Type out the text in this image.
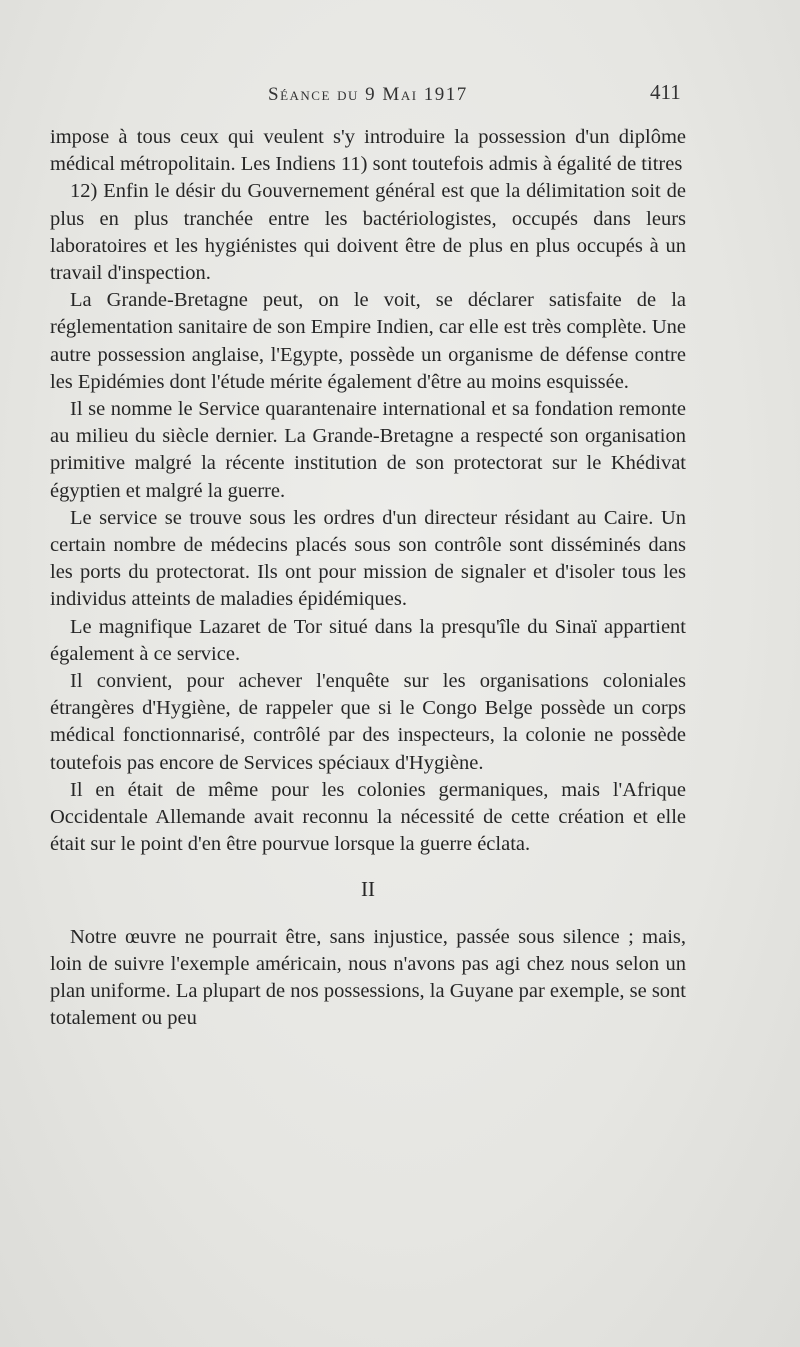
Séance du 9 Mai 1917	411

impose à tous ceux qui veulent s'y introduire la possession d'un diplôme médical métropolitain. Les Indiens 11) sont toutefois admis à égalité de titres

12) Enfin le désir du Gouvernement général est que la délimitation soit de plus en plus tranchée entre les bactériologistes, occupés dans leurs laboratoires et les hygiénistes qui doivent être de plus en plus occupés à un travail d'inspection.

La Grande-Bretagne peut, on le voit, se déclarer satisfaite de la réglementation sanitaire de son Empire Indien, car elle est très complète. Une autre possession anglaise, l'Egypte, possède un organisme de défense contre les Epidémies dont l'étude mérite également d'être au moins esquissée.

Il se nomme le Service quarantenaire international et sa fondation remonte au milieu du siècle dernier. La Grande-Bretagne a respecté son organisation primitive malgré la récente institution de son protectorat sur le Khédivat égyptien et malgré la guerre.

Le service se trouve sous les ordres d'un directeur résidant au Caire. Un certain nombre de médecins placés sous son contrôle sont disséminés dans les ports du protectorat. Ils ont pour mission de signaler et d'isoler tous les individus atteints de maladies épidémiques.

Le magnifique Lazaret de Tor situé dans la presqu'île du Sinaï appartient également à ce service.

Il convient, pour achever l'enquête sur les organisations coloniales étrangères d'Hygiène, de rappeler que si le Congo Belge possède un corps médical fonctionnarisé, contrôlé par des inspecteurs, la colonie ne possède toutefois pas encore de Services spéciaux d'Hygiène.

Il en était de même pour les colonies germaniques, mais l'Afrique Occidentale Allemande avait reconnu la nécessité de cette création et elle était sur le point d'en être pourvue lorsque la guerre éclata.

II

Notre œuvre ne pourrait être, sans injustice, passée sous silence ; mais, loin de suivre l'exemple américain, nous n'avons pas agi chez nous selon un plan uniforme. La plupart de nos possessions, la Guyane par exemple, se sont totalement ou peu
